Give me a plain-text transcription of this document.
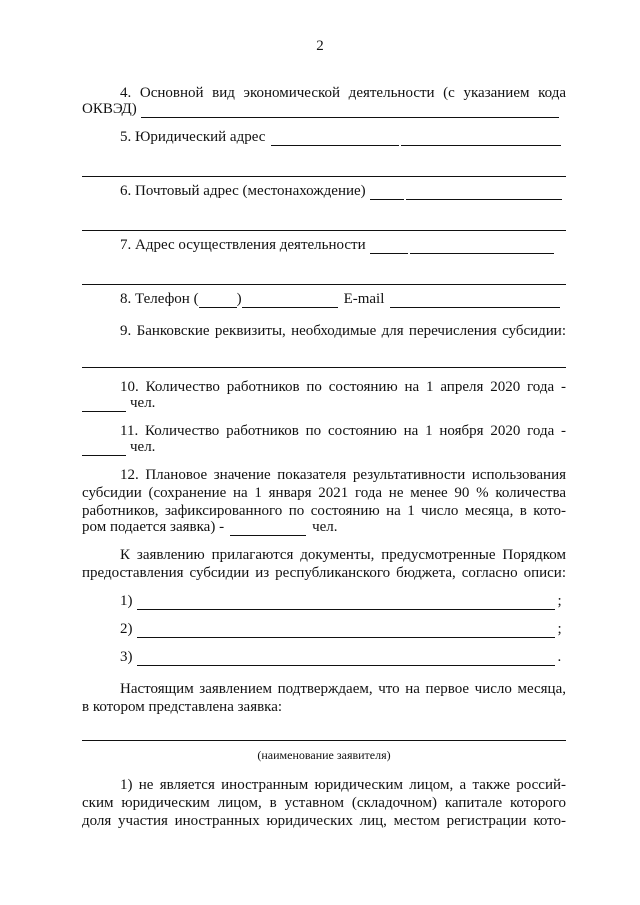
2
4. Основной вид экономической деятельности (с указанием кода
ОКВЭД)
5. Юридический адрес
6. Почтовый адрес (местонахождение)
7. Адрес осуществления деятельности
8. Телефон (	)	E-mail
9. Банковские реквизиты, необходимые для перечисления субсидии:
10. Количество работников по состоянию на 1 апреля 2020 года -
чел.
11. Количество работников по состоянию на 1 ноября 2020 года -
чел.
12. Плановое значение показателя результативности использования
субсидии (сохранение на 1 января 2021 года не менее 90 % количества
работников, зафиксированного по состоянию на 1 число месяца, в кото-
ром подается заявка) -	чел.
К заявлению прилагаются документы, предусмотренные Порядком
предоставления субсидии из республиканского бюджета, согласно описи:
1)	;
2)	;
3)	.
Настоящим заявлением подтверждаем, что на первое число месяца,
в котором представлена заявка:
(наименование заявителя)
1) не является иностранным юридическим лицом, а также россий-
ским юридическим лицом, в уставном (складочном) капитале которого
доля участия иностранных юридических лиц, местом регистрации кото-
